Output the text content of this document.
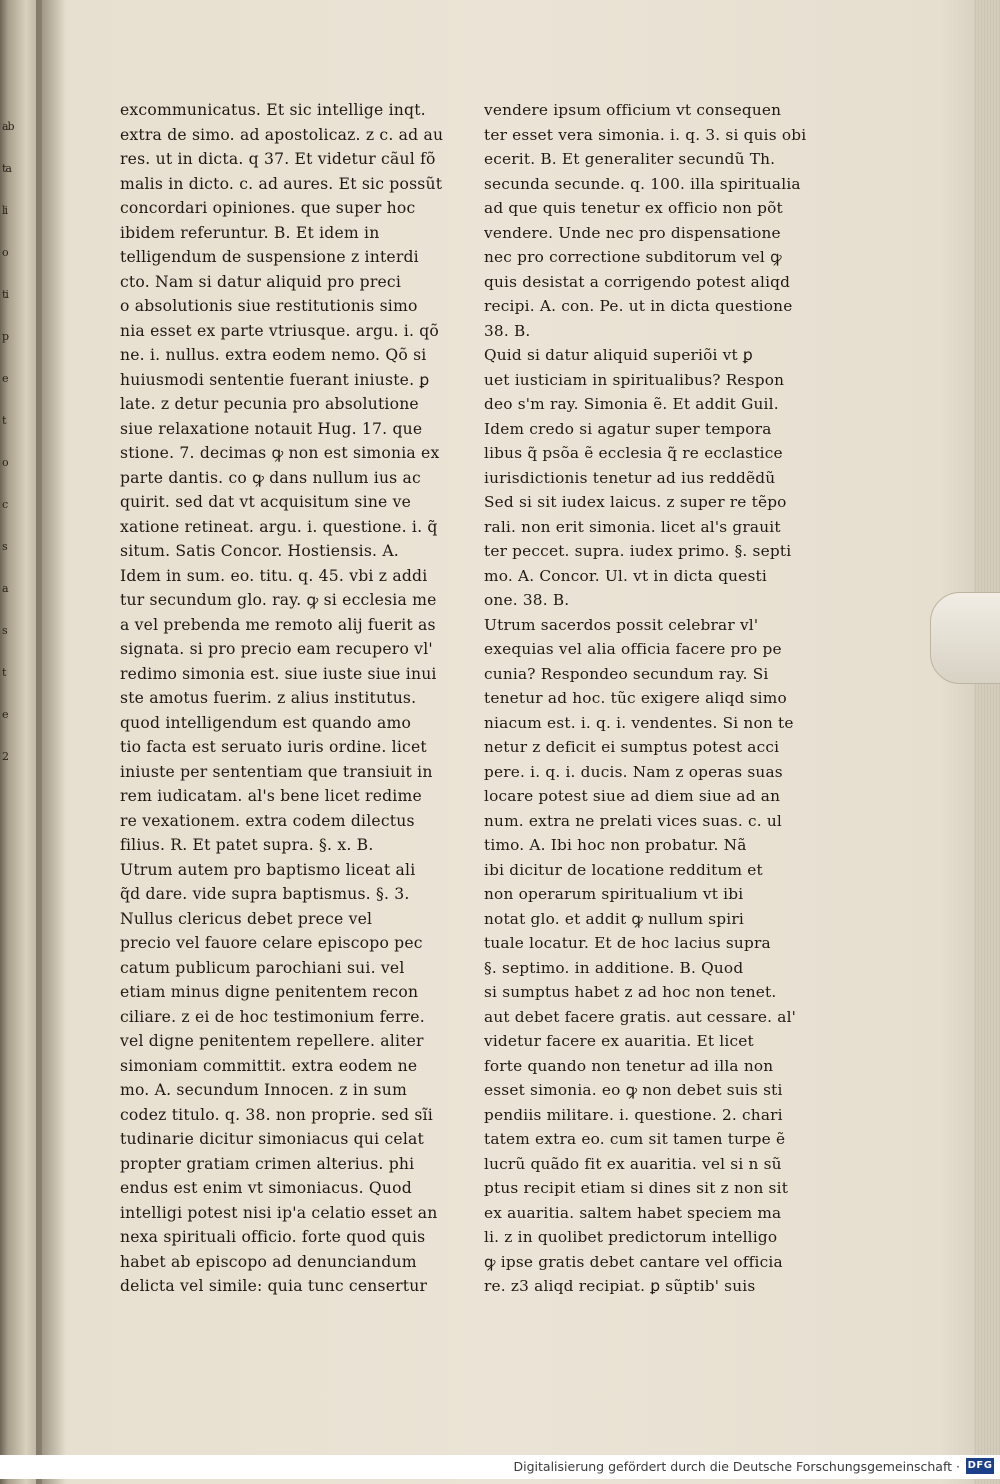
ab
ta
li
o
ti
p
e
t
o
c
s
a
s
t
e
2
excommunicatus. Et sic intellige inqt.
extra de simo. ad apostolicaz. z c. ad au
res. ut in dicta. q 37. Et videtur cãul fõ
malis in dicto. c. ad aures. Et sic possũt
concordari opiniones. que super hoc
ibidem referuntur. B. Et idem in
telligendum de suspensione z interdi
cto. Nam si datur aliquid pro preci
o absolutionis siue restitutionis simo
nia esset ex parte vtriusque. argu. i. qõ
ne. i. nullus. extra eodem nemo. Qõ si
huiusmodi sententie fuerant iniuste. ꝑ
late. z detur pecunia pro absolutione
siue relaxatione notauit Hug. 17. que
stione. 7. decimas ꝙ non est simonia ex
parte dantis. co ꝙ dans nullum ius ac
quirit. sed dat vt acquisitum sine ve
xatione retineat. argu. i. questione. i. q̃
situm. Satis Concor. Hostiensis. A.
Idem in sum. eo. titu. q. 45. vbi z addi
tur secundum glo. ray. ꝙ si ecclesia me
a vel prebenda me remoto alij fuerit as
signata. si pro precio eam recupero vl'
redimo simonia est. siue iuste siue inui
ste amotus fuerim. z alius institutus.
quod intelligendum est quando amo
tio facta est seruato iuris ordine. licet
iniuste per sententiam que transiuit in
rem iudicatam. al's bene licet redime
re vexationem. extra codem dilectus
filius. R. Et patet supra. §. x. B.
Utrum autem pro baptismo liceat ali
q̃d dare. vide supra baptismus. §. 3.
Nullus clericus debet prece vel
precio vel fauore celare episcopo pec
catum publicum parochiani sui. vel
etiam minus digne penitentem recon
ciliare. z ei de hoc testimonium ferre.
vel digne penitentem repellere. aliter
simoniam committit. extra eodem ne
mo. A. secundum Innocen. z in sum
codez titulo. q. 38. non proprie. sed sĩi
tudinarie dicitur simoniacus qui celat
propter gratiam crimen alterius. phi
endus est enim vt simoniacus. Quod
intelligi potest nisi ip'a celatio esset an
nexa spirituali officio. forte quod quis
habet ab episcopo ad denunciandum
delicta vel simile: quia tunc censertur
vendere ipsum officium vt consequen
ter esset vera simonia. i. q. 3. si quis obi
ecerit. B. Et generaliter secundũ Th.
secunda secunde. q. 100. illa spiritualia
ad que quis tenetur ex officio non põt
vendere. Unde nec pro dispensatione
nec pro correctione subditorum vel ꝙ
quis desistat a corrigendo potest aliqd
recipi. A. con. Pe. ut in dicta questione
38. B.
Quid si datur aliquid superiõi vt ꝑ
uet iusticiam in spiritualibus? Respon
deo s'm ray. Simonia ẽ. Et addit Guil.
Idem credo si agatur super tempora
libus q̃ psõa ẽ ecclesia q̃ re ecclastice
iurisdictionis tenetur ad ius reddẽdũ
Sed si sit iudex laicus. z super re tẽpo
rali. non erit simonia. licet al's grauit
ter peccet. supra. iudex primo. §. septi
mo. A. Concor. Ul. vt in dicta questi
one. 38. B.
Utrum sacerdos possit celebrar vl'
exequias vel alia officia facere pro pe
cunia? Respondeo secundum ray. Si
tenetur ad hoc. tũc exigere aliqd simo
niacum est. i. q. i. vendentes. Si non te
netur z deficit ei sumptus potest acci
pere. i. q. i. ducis. Nam z operas suas
locare potest siue ad diem siue ad an
num. extra ne prelati vices suas. c. ul
timo. A. Ibi hoc non probatur. Nã
ibi dicitur de locatione redditum et
non operarum spiritualium vt ibi
notat glo. et addit ꝙ nullum spiri
tuale locatur. Et de hoc lacius supra
§. septimo. in additione. B. Quod
si sumptus habet z ad hoc non tenet.
aut debet facere gratis. aut cessare. al'
videtur facere ex auaritia. Et licet
forte quando non tenetur ad illa non
esset simonia. eo ꝙ non debet suis sti
pendiis militare. i. questione. 2. chari
tatem extra eo. cum sit tamen turpe ẽ
lucrũ quãdo fit ex auaritia. vel si n sũ
ptus recipit etiam si dines sit z non sit
ex auaritia. saltem habet speciem ma
li. z in quolibet predictorum intelligo
ꝙ ipse gratis debet cantare vel officia
re. z3 aliqd recipiat. ꝑ sũptib' suis
Digitalisierung gefördert durch die Deutsche Forschungsgemeinschaft · DFG
